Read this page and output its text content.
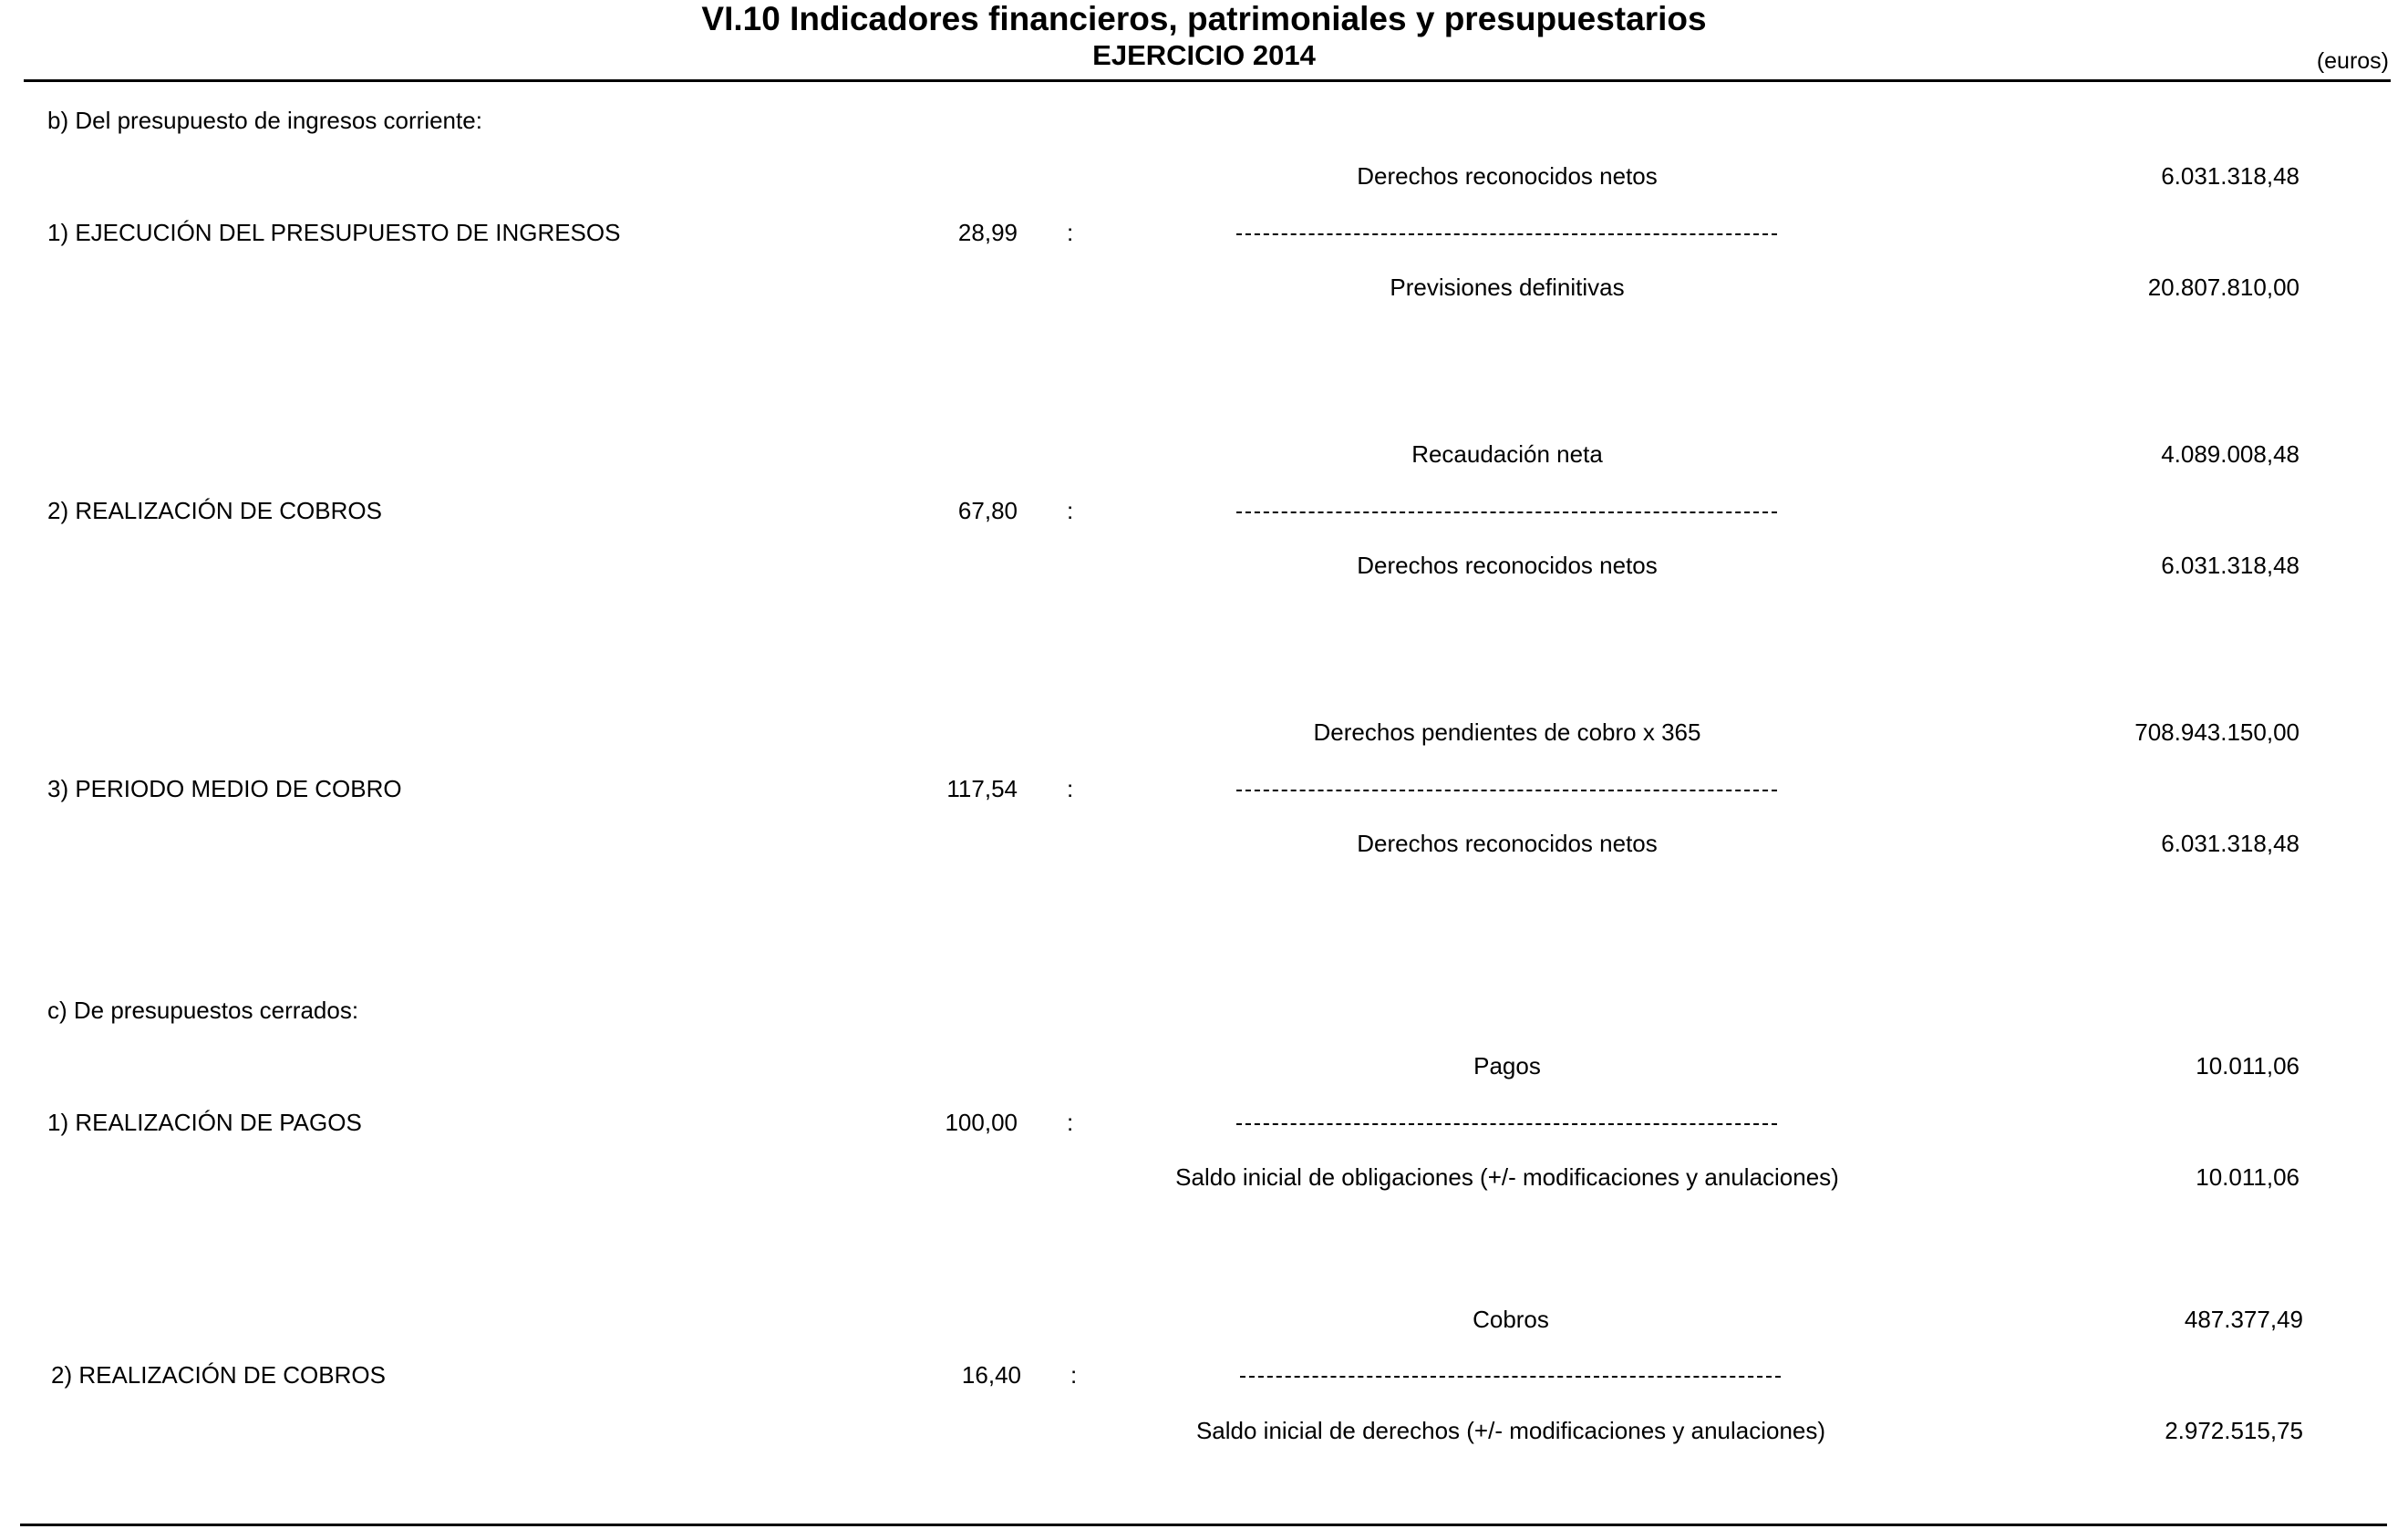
VI.10 Indicadores financieros, patrimoniales y presupuestarios
EJERCICIO 2014	(euros)
b) Del presupuesto de ingresos corriente:
Derechos reconocidos netos	6.031.318,48
1) EJECUCIÓN DEL PRESUPUESTO DE INGRESOS	28,99 :
Previsiones definitivas	20.807.810,00
Recaudación neta	4.089.008,48
2) REALIZACIÓN DE COBROS	67,80 :
Derechos reconocidos netos	6.031.318,48
Derechos pendientes de cobro x 365	708.943.150,00
3) PERIODO MEDIO DE COBRO	117,54 :
Derechos reconocidos netos	6.031.318,48
c) De presupuestos cerrados:
Pagos	10.011,06
1) REALIZACIÓN DE PAGOS	100,00 :
Saldo inicial de obligaciones (+/- modificaciones y anulaciones)	10.011,06
Cobros	487.377,49
2) REALIZACIÓN DE COBROS	16,40 :
Saldo inicial de derechos (+/- modificaciones y anulaciones)	2.972.515,75
